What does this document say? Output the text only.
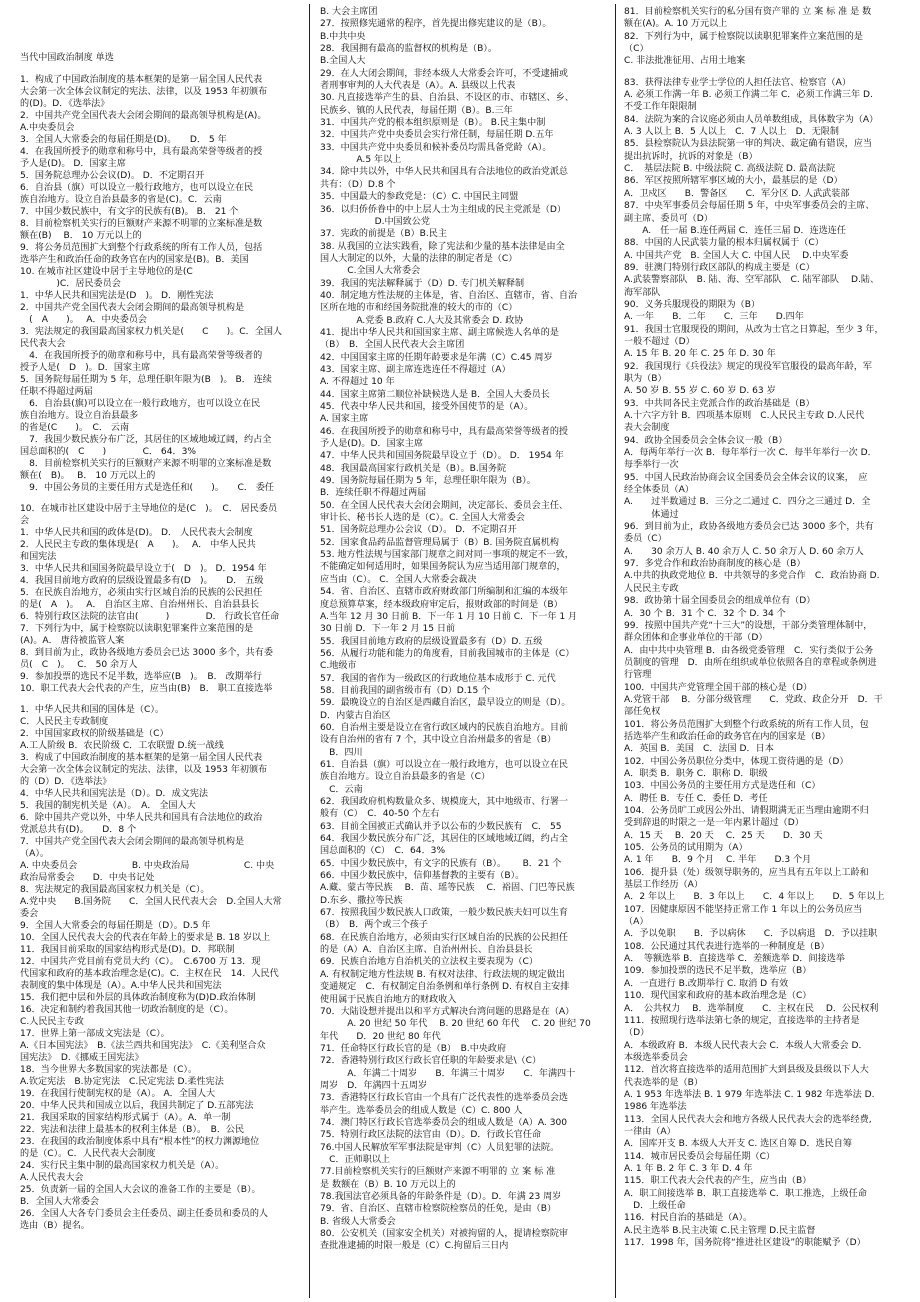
当代中国政治制度 单选
1．构成了中国政治制度的基本框架的是第一届全国人民代表
大会第一次全体会议制定的宪法、法律，以及 1953 年初颁布
的(D)。D．《选举法》
2．中国共产党全国代表大会闭会期间的最高领导机构是(A)。
A.中央委员会
3．全国人大常委会的每届任期是(D)。　　D． 5 年
4．在我国所授予的勋章和称号中，具有最高荣誉等级者的授
予人是(D)。 D．国家主席
5．国务院总理办公会议(D)。 D．不定期召开
6．自治县（旗）可以设立一般行政地方，也可以设立在民
族自治地方。设立自治县最多的省是(C)。C．云南
7．中国少数民族中，有文字的民族有(B)。 B． 21 个
8．目前检察机关实行的巨额财产来源不明罪的立案标准是数
额在(B)　 B． 10 万元以上的
9．将公务员范围扩大到整个行政系统的所有工作人员，包括
选举产生和政治任命的政务官在内的国家是(B)。B．美国
10. 在城市社区建设中居于主导地位的是(C
　　　　)C．居民委员会
1．中华人民共和国宪法是(D　)。 D．刚性宪法
2．中国共产党全国代表大会闭会期间的最高领导机构是
　(　A　　)。　 A．中央委员会
3．宪法规定的我国最高国家权力机关是(　　C　　)。C．全国人
民代表大会
　4．在我国所授予的勋章和称号中，具有最高荣誉等级者的
授予人是(　D　)。D．国家主席
5．国务院每届任期为 5 年，总理任职年限为(B　)。 B． 连续
任职不得超过两届
　6．自治县(旗)可以设立在一般行政地方，也可以设立在民
族自治地方。设立自治县最多
的省是(C　　)。　C． 云南
　7．我国少数民族分布广泛，其居住的区域地域辽阔，约占全
国总面积的(　C　　)　　　　C． 64．3%
　8．目前检察机关实行的巨额财产来源不明罪的立案标准是数
额在(　B)。　 B． 10 万元以上的
　9．中国公务员的主要任用方式是选任和(　　)。　　C． 委任
10．在城市社区建设中居于主导地位的是(C　)。　C． 居民委员
会
1．中华人民共和国的政体是(D)。 D． 人民代表大会制度
2．人民民主专政的集体现是(　A　　)。　 A． 中华人民共
和国宪法
3．中华人民共和国国务院最早设立于(　D　)。 D．1954 年
4．我国目前地方政府的层级设置最多有(D　)。　　D． 五级
5．在民族自治地方，必须由实行区域自治的民族的公民担任
的是(　A　)。　 A． 自治区主席、自治州州长、自治县县长
6．特别行政区法院的法官由(　　　)　　　　D． 行政长官任命
7．下列行为中，属于检察院以读职犯罪案件立案范围的是
(A)。A． 唐待被监管人案
8．到目前为止，政协各级地方委员会已达 3000 多个，共有委
员(　C　)。　 C． 50 余万人
9．参加投票的选民不足半数，选举应(B　)。　B． 改期举行
10．职工代表大会代表的产生，应当由(B)　B． 职工直接选举
1．中华人民共和国的国体是（C）。
C．人民民主专政制度
2．中国国家政权的阶级基础是（C）
A.工人阶级 B．农民阶级 C．工农联盟 D.统一战线
3．构成了中国政治制度的基本框架的是第一届全国人民代表
大会第一次全体会议制定的宪法、法律，以及 1953 年初颁布
的（D）D．《选举法》
4．中华人民共和国宪法是（D）。D．成文宪法
5．我国的制宪机关是（A）。　A． 全国人大
6．除中国共产党以外，中华人民共和国具有合法地位的政治
党派总共有(D)。　　D．8 个
7．中国共产党全国代表大会闭会期间的最高领导机构是
（A）。
A. 中央委员会　　　　　　B. 中央政治局　　　　　　C. 中央
政治局常委会　　D．中央书记处
8．宪法规定的我国最高国家权力机关是（C）。
A.党中央　　B.国务院　　C．全国人民代表大会　D.全国人大常
委会
9．全国人大常委会的每届任期是（D）。D.5 年
10．全国人民代表大会的代表在年龄上的要求是 B. 18 岁以上
11．我国目前采取的国家结构形式是(D)。D．邦联制
12．中国共产党目前有党员大约（C）。　C.6700 万 13．现
代国家和政府的基本政治理念是(C)。C．主权在民　14．人民代
表制度的集中体现是（A）。A.中华人民共和国宪法
15．我们把中层和外层的具体政治制度称为(D)D.政治体制
16．决定和制约着我国其他一切政治制度的是（C）。
C.人民民主专政
17．世界上第一部成文宪法是（C）。
A.《日本国宪法》　B.《法兰西共和国宪法》　C.《美利坚合众
国宪法》　D.《挪威王国宪法》
18．当今世界大多数国家的宪法都是（C）。
A.钦定宪法　B.协定宪法　C.民定宪法 D.柔性宪法
19．在我国行使制宪权的是（A）。 A．全国人大
20．中华人民共和国成立以后，我国共制定了 D.五部宪法
21．我国采取的国家结构形式属于（A）。A．单一制
22．宪法和法律上最基本的权利主体是（B）。　B．公民
23．在我国的政治制度体系中具有“根本性”的权力渊源地位
的是（C）。C．人民代表大会制度
24．实行民主集中制的最高国家权力机关是（A）。
A.人民代表大会
25．负责新一届的全国人大会议的准备工作的主要是（B）。
B．全国人大常委会
26．全国人大各专门委员会主任委员、副主任委员和委员的人
选由（B）提名。
B. 大会主席团
27．按照修宪通常的程序，首先提出修宪建议的是（B）。
B.中共中央
28．我国拥有最高的监督权的机构是（B）。
B.全国人大
29．在人大闭会期间，非经本级人大常委会许可，不受逮捕或
者刑事审判的人大代表是（A）。A. 县级以上代表
30. 凡直接选举产生的县、自治县、不设区的市、市辖区、乡、
民族乡、镇的人民代表，每届任期（B）。B.三年
31．中国共产党的根本组织原则是（B）。 B.民主集中制
32．中国共产党中央委员会实行常任制，每届任期 D.五年
33．中国共产党中央委员和候补委员均需具备党龄（A）。
　　　　A.5 年以上
34．除中共以外，中华人民共和国具有合法地位的政治党派总
共有：（D）D.8 个
35．中国最大的参政党是：（C）C. 中国民主同盟
36．以归侨侨眷中的中上层人士为主组成的民主党派是（D）
　　　　　　D.中国致公党
37．宪政的前提是（B）B.民主
38. 从我国的立法实践看，除了宪法和少量的基本法律是由全
国人大制定的以外，大量的法律的制定者是（C）
　　　C.全国人大常委会
39．我国的宪法解释属于（D）D. 专门机关解释制
40．制定地方性法规的主体是，省、自治区、直辖市，省、自治
区所在地的市和经国务院批准的较大的市的（C）
　　　　A.党委 B.政府 C.人大及其常委会 D. 政协
41．提出中华人民共和国国家主席、副主席候选人名单的是
（B）　B．全国人民代表大会主席团
42．中国国家主席的任期年龄要求是年满（C）C.45 周岁
43．国家主席、副主席连选连任不得超过（A）
A. 不得超过 10 年
44．国家主席第二顺位补缺候选人是 B．全国人大委员长
45．代表中华人民共和国，接受外国使节的是（A）。
A. 国家主席
46．在我国所授予的勋章和称号中，具有最高荣誉等级者的授
予人是(D)。D．国家主席
47．中华人民共和国国务院最早设立于（D）。 D． 1954 年
48．我国最高国家行政机关是（B）。B.国务院
49．国务院每届任期为 5 年，总理任职年限为（B）。
B．连续任职不得超过两届
50．在全国人民代表大会闭会期间，决定部长、委员会主任、
审计长、秘书长人选的是（C）。C. 全国人大常委会
51．国务院总理办公会议（D）。 D．不定期召开
52．国家食品药品监督管理局属于（B）B. 国务院直属机构
53. 地方性法规与国家部门规章之间对同一事项的规定不一致，
不能确定如何适用时，如果国务院认为应当适用部门规章的，
应当由（C）。 C．全国人大常委会裁决
54．省、自治区、直辖市政府财政部门所编制和汇编的本级年
度总预算草案，经本级政府审定后，报财政部的时间是（B）
A.当年 12 月 30 日前 B．下一年 1 月 10 日前 C．下一年 1 月
30 日前 D．下一年 2 月 15 日前
55．我国目前地方政府的层级设置最多有（D）D. 五级
56．从履行功能和能力的角度看，目前我国城市的主体是（C）
C.地级市
57．我国的省作为一级政区的行政地位基本成形于 C. 元代
58．目前我国的副省级市有（D）D.15 个
59．最晚设立的自治区是西藏自治区，最早设立的则是（D）。
D．内蒙古自治区
60．自治州主要是设立在省行政区域内的民族自治地方。目前
设有自治州的省有 7 个，其中设立自治州最多的省是（B）
　B．四川
61．自治县（旗）可以设立在一般行政地方，也可以设立在民
族自治地方。设立自治县最多的省是（C）
　C．云南
62．我国政府机构数量众多、规模庞大，其中地级市、行署一
般有（C）　C．40-50 个左右
63．目前全国被正式确认并予以公布的少数民族有　C． 55
64．我国少数民族分布广泛，其居住的区域地域辽阔，约占全
国总面积的（C）　C．64．3%
65．中国少数民族中，有文字的民族有（B）。　　 B．21 个
66．中国少数民族中，信仰基督教的主要有（B）。
A.藏、蒙古等民族　 B．苗、瑶等民族　 C．裕固、门巴等民族
D.东乡、撒拉等民族
67．按照我国少数民族人口政策，一般少数民族夫妇可以生育
（B）　B．两个或三个孩子
68．在民族自治地方，必须由实行区域自治的民族的公民担任
的是（A）A．自治区主席、自治州州长、自治县县长
69．民族自治地方自治机关的立法权主要表现为（C）
A. 有权制定地方性法规 B. 有权对法律、行政法规的规定做出
变通规定　C．有权制定自治条例和单行条例 D. 有权自主安排
使用属于民族自治地方的财政收入
70．大陆设想并提出以和平方式解决台湾问题的思路是在（A）
　　　A. 20 世纪 50 年代　 B. 20 世纪 60 年代　 C. 20 世纪 70
年代　　D．20 世纪 80 年代
71．任命特区行政长官的是（B）　B.中央政府
72．香港特别行政区行政长官任职的年龄要求是\（C）
　　　A．年满二十周岁　　B．年满三十周岁　　C．年满四十
周岁　D．年满四十五周岁
73．香港特区行政长官由一个具有广泛代表性的选举委员会选
举产生。选举委员会的组成人数是（C）C. 800 人
74．澳门特区行政长官选举委员会的组成人数是（A）A. 300
75．特别行政区法院的法官由（D）。D．行政长官任命
76.中国人民解放军军事法院是审判（C）人员犯罪的法院。
　C．正师职以上
77.目前检察机关实行的巨额财产来源不明罪的 立 案 标 准
是 数额在（B）B. 10 万元以上的
78.我国法官必须具备的年龄条件是（D）。D．年满 23 周岁
79．省、自治区、直辖市检察院检察员的任免，是由（B）
B. 省级人大常委会
80．公安机关（国家安全机关）对被拘留的人，提请检察院审
查批准逮捕的时限一般是（C）C.拘留后三日内
81．目前检察机关实行的私分国有资产罪的 立 案 标 准 是 数
额在(A)。A. 10 万元以上
82．下列行为中，属于检察院以读职犯罪案件立案范围的是
（C）
C. 非法批准征用、占用土地案
83．获得法律专业学士学位的人担任法官、检察官（A）
A. 必须工作满一年 B. 必须工作满二年 C．必须工作满三年 D.
不受工作年限限制
84．法院为案的合议庭必须由人员单数组成，具体数字为（A）
A. 3 人以上 B．5 人以上　C．7 人以上　D．无限制
85．县检察院认为县法院第一审的判决、裁定确有错误，应当
提出抗诉时，抗诉的对象是（B）
C．　基层法院 B. 中级法院 C. 高级法院 D. 最高法院
86．军区按照所辖军事区域的大小，最基层的是（D）
A．卫戍区　　B．警备区　　C．军分区 D. 人武武装部
87．中央军事委员会每届任期 5 年，中央军事委员会的主席、
副主席、委员可（D）
　　A.　任一届 B.连任两届 C．连任三届 D．连选连任
88．中国的人民武装力量的根本归属权属于（C）
A. 中国共产党　B. 全国人大 C. 中国人民　 D.中央军委
89．驻澳门特别行政区部队的构成主要是（C）
A.武装警察部队　B. 陆、海、空军部队　C. 陆军部队　 D.陆、
海军部队
90．义务兵服现役的期限为（B）
A. 一年　　B．二年　　C．三年　　D.四年
91．我国士官服现役的期间，从改为士官之日算起，至少 3 年，
一般不超过（D）
A. 15 年 B. 20 年 C. 25 年 D. 30 年
92．我国现行《兵役法》规定的现役军官服役的最高年龄，军
职为（B）
A. 50 岁 B. 55 岁 C. 60 岁 D. 63 岁
93．中共同各民主党派合作的政治基础是（B）
A.十六字方针 B．四项基本原则　C.人民民主专政 D.人民代
表大会制度
94．政协全国委员会全体会议一般（B）
A．每两年举行一次 B．每年举行一次 C．每半年举行一次 D．
每季举行一次
95．中国人民政治协商会议全国委员会全体会议的议案，　应
经全体委员（A）
A.　　过半数通过 B．三分之二通过 C．四分之三通过 D．全
　　　体通过
96．到目前为止，政协各级地方委员会已达 3000 多个，共有
委员（C）
A.　　30 余万人 B. 40 余万人 C. 50 余万人 D. 60 余万人
97．多党合作和政治协商制度的核心是（B）
A.中共的执政党地位 B．中共领导的多党合作　C．政治协商 D.
人民民主专政
98．政协第十届全国委员会的组成单位有（D）
A．30 个 B．31 个 C．32 个 D. 34 个
99．按照中国共产党“十三大”的设想，干部分类管理体制中，
群众团体和企事业单位的干部（D）
A．由中共中央管理 B．由各级党委管理　C．实行类似于公务
员制度的管理　D．由所在组织或单位依照各自的章程或条例进
行管理
100．中国共产党管理全国干部的核心是（D）
A.党管干部　 B．分部分级管理　　C．党政、政企分开　D．干
部任免权
101．将公务员范围扩大到整个行政系统的所有工作人员，包
括选举产生和政治任命的政务官在内的国家是（B）
A．英国 B．美国　C．法国 D．日本
102．中国公务员职位分类中，体现工资待遇的是（D）
A．职类 B．职务 C．职称 D．职级
103．中国公务员的主要任用方式是选任和（C）
A．聘任 B．专任 C．委任 D．考任
104．公务员旷工或因公外出、请假期满无正当理由逾期不归
受到辞退的时限之一是一年内累计超过（D）
A．15 天　 B．20 天　 C．25 天　　D．30 天
105．公务员的试用期为（A）
A. 1 年　　B．9 个月　 C. 半年　　D.3 个月
106．提升县（处）级领导职务的，应当具有五年以上工龄和
基层工作经历（A）
A．2 年以上　　B．3 年以上　　C．4 年以上　　D．5 年以上
107．因健康原因不能坚持正常工作 1 年以上的公务员应当
（A）
A．予以免职　　B．予以病休　　C．予以病退　D．予以挂职
108．公民通过其代表进行选举的一种制度是（B）
A．　等额选举 B．直接选举 C．差额选举 D．间接选举
109．参加投票的选民不足半数，选举应（B）
A．一直进行 B.改期举行 C. 取消 D 有效
110．现代国家和政府的基本政治理念是（C）
A．　公共权力　 B．选举制度　　C．主权在民　 D．公民权利
111．按照现行选举法第七条的规定，直接选举的主持者是
（D）
A．本级政府 B．本级人民代表大会 C．本级人大常委会 D．
本级选举委员会
112．首次将直接选举的适用范围扩大到县级及县级以下人大
代表选举的是（B）
A. 1 953 年选举法 B. 1 979 年选举法 C. 1 982 年选举法 D.
1986 年选举法
113．全国人民代表大会和地方各级人民代表大会的选举经费,
一律由（A）
A．国库开支 B. 本级人大开支 C. 选区自筹 D．选民自筹
114．城市居民委员会每届任期（C）
A. 1 年 B. 2 年 C. 3 年 D. 4 年
115．职工代表大会代表的产生，应当由（B）
A．职工间接选举 B．职工直接选举 C．职工推选，上级任命
　D．上级任命
116．村民自治的基础是（A）。
A.民主选举 B.民主决策 C.民主管理 D.民主监督
117．1998 年，国务院将“推进社区建设”的职能赋予（D）
